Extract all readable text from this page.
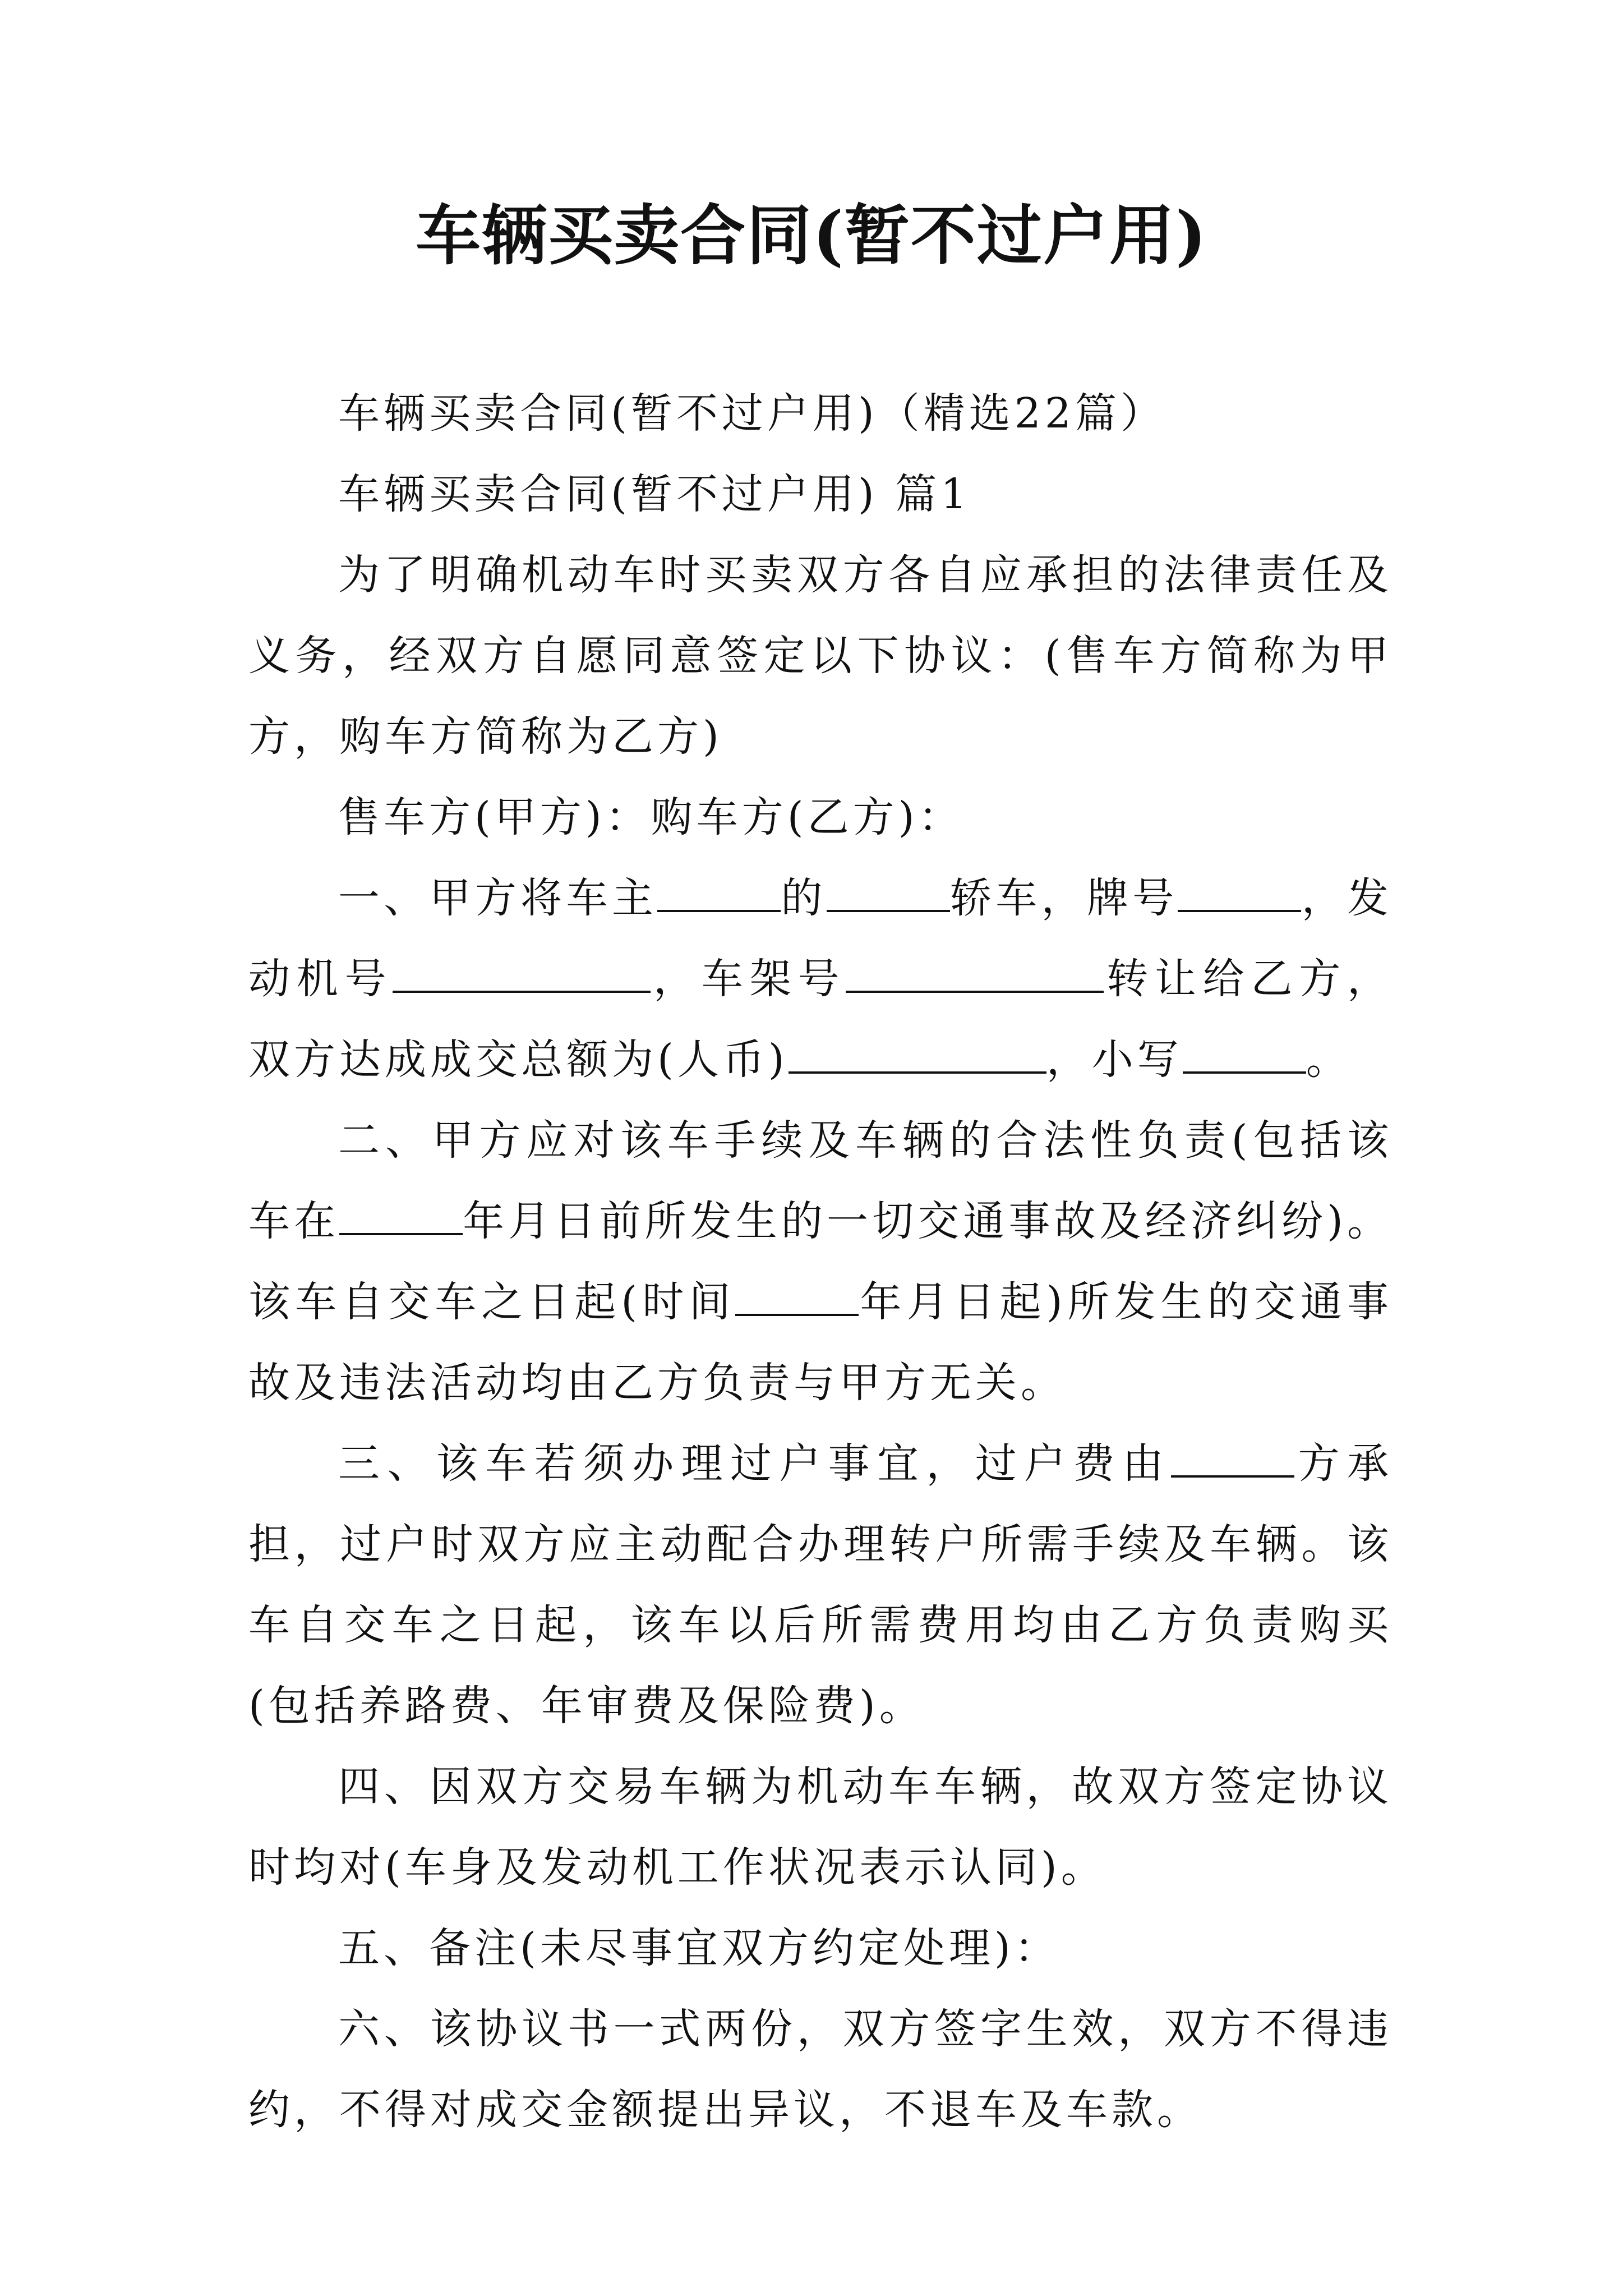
车辆买卖合同(暂不过户用)

车辆买卖合同(暂不过户用)（精选22篇）

车辆买卖合同(暂不过户用) 篇1

为了明确机动车时买卖双方各自应承担的法律责任及义务，经双方自愿同意签定以下协议：(售车方简称为甲方，购车方简称为乙方)

售车方(甲方)：购车方(乙方)：

一、甲方将车主	的	轿车，牌号	，发动机号	，车架号	转让给乙方，双方达成成交总额为(人币)	，小写	。

二、甲方应对该车手续及车辆的合法性负责(包括该车在	年月日前所发生的一切交通事故及经济纠纷)。该车自交车之日起(时间	年月日起)所发生的交通事故及违法活动均由乙方负责与甲方无关。

三、该车若须办理过户事宜，过户费由	方承担，过户时双方应主动配合办理转户所需手续及车辆。该车自交车之日起，该车以后所需费用均由乙方负责购买(包括养路费、年审费及保险费)。

四、因双方交易车辆为机动车车辆，故双方签定协议时均对(车身及发动机工作状况表示认同)。

五、备注(未尽事宜双方约定处理)：

六、该协议书一式两份，双方签字生效，双方不得违约，不得对成交金额提出异议，不退车及车款。
